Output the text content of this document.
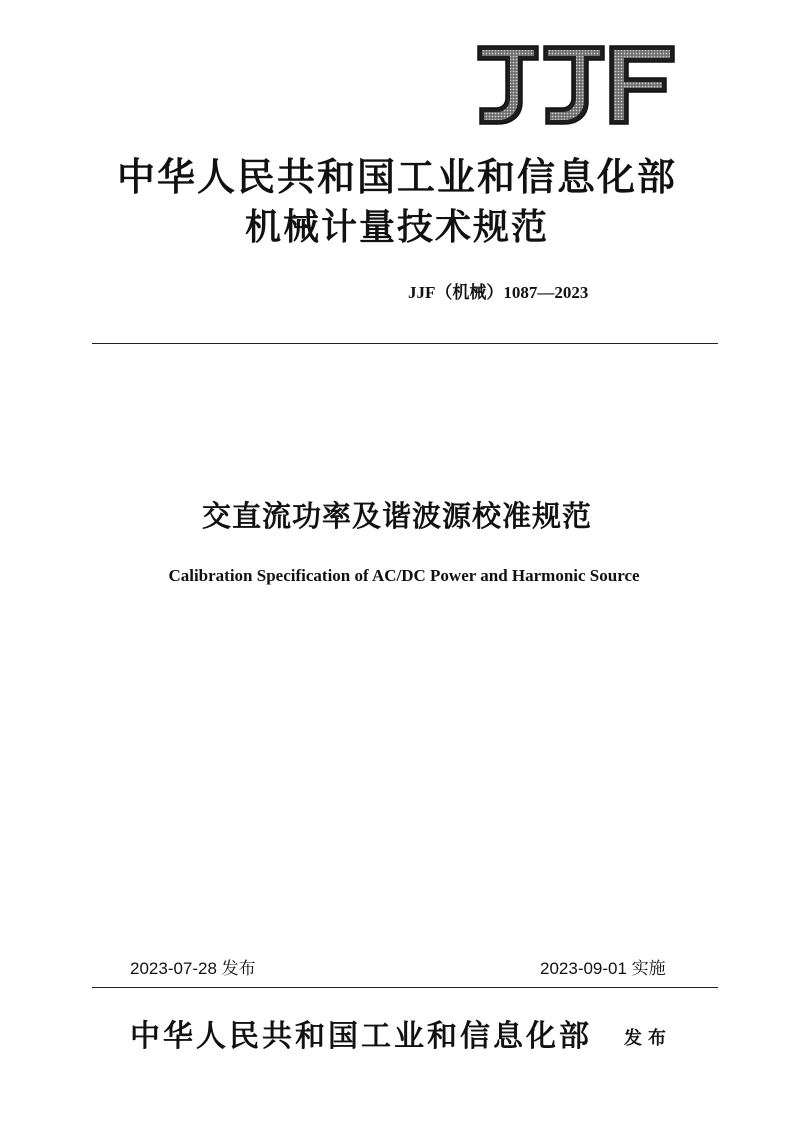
中华人民共和国工业和信息化部
机械计量技术规范
JJF（机械）1087—2023
交直流功率及谐波源校准规范
Calibration Specification of AC/DC Power and Harmonic Source
2023-07-28 发布	2023-09-01 实施
中华人民共和国工业和信息化部 发布
